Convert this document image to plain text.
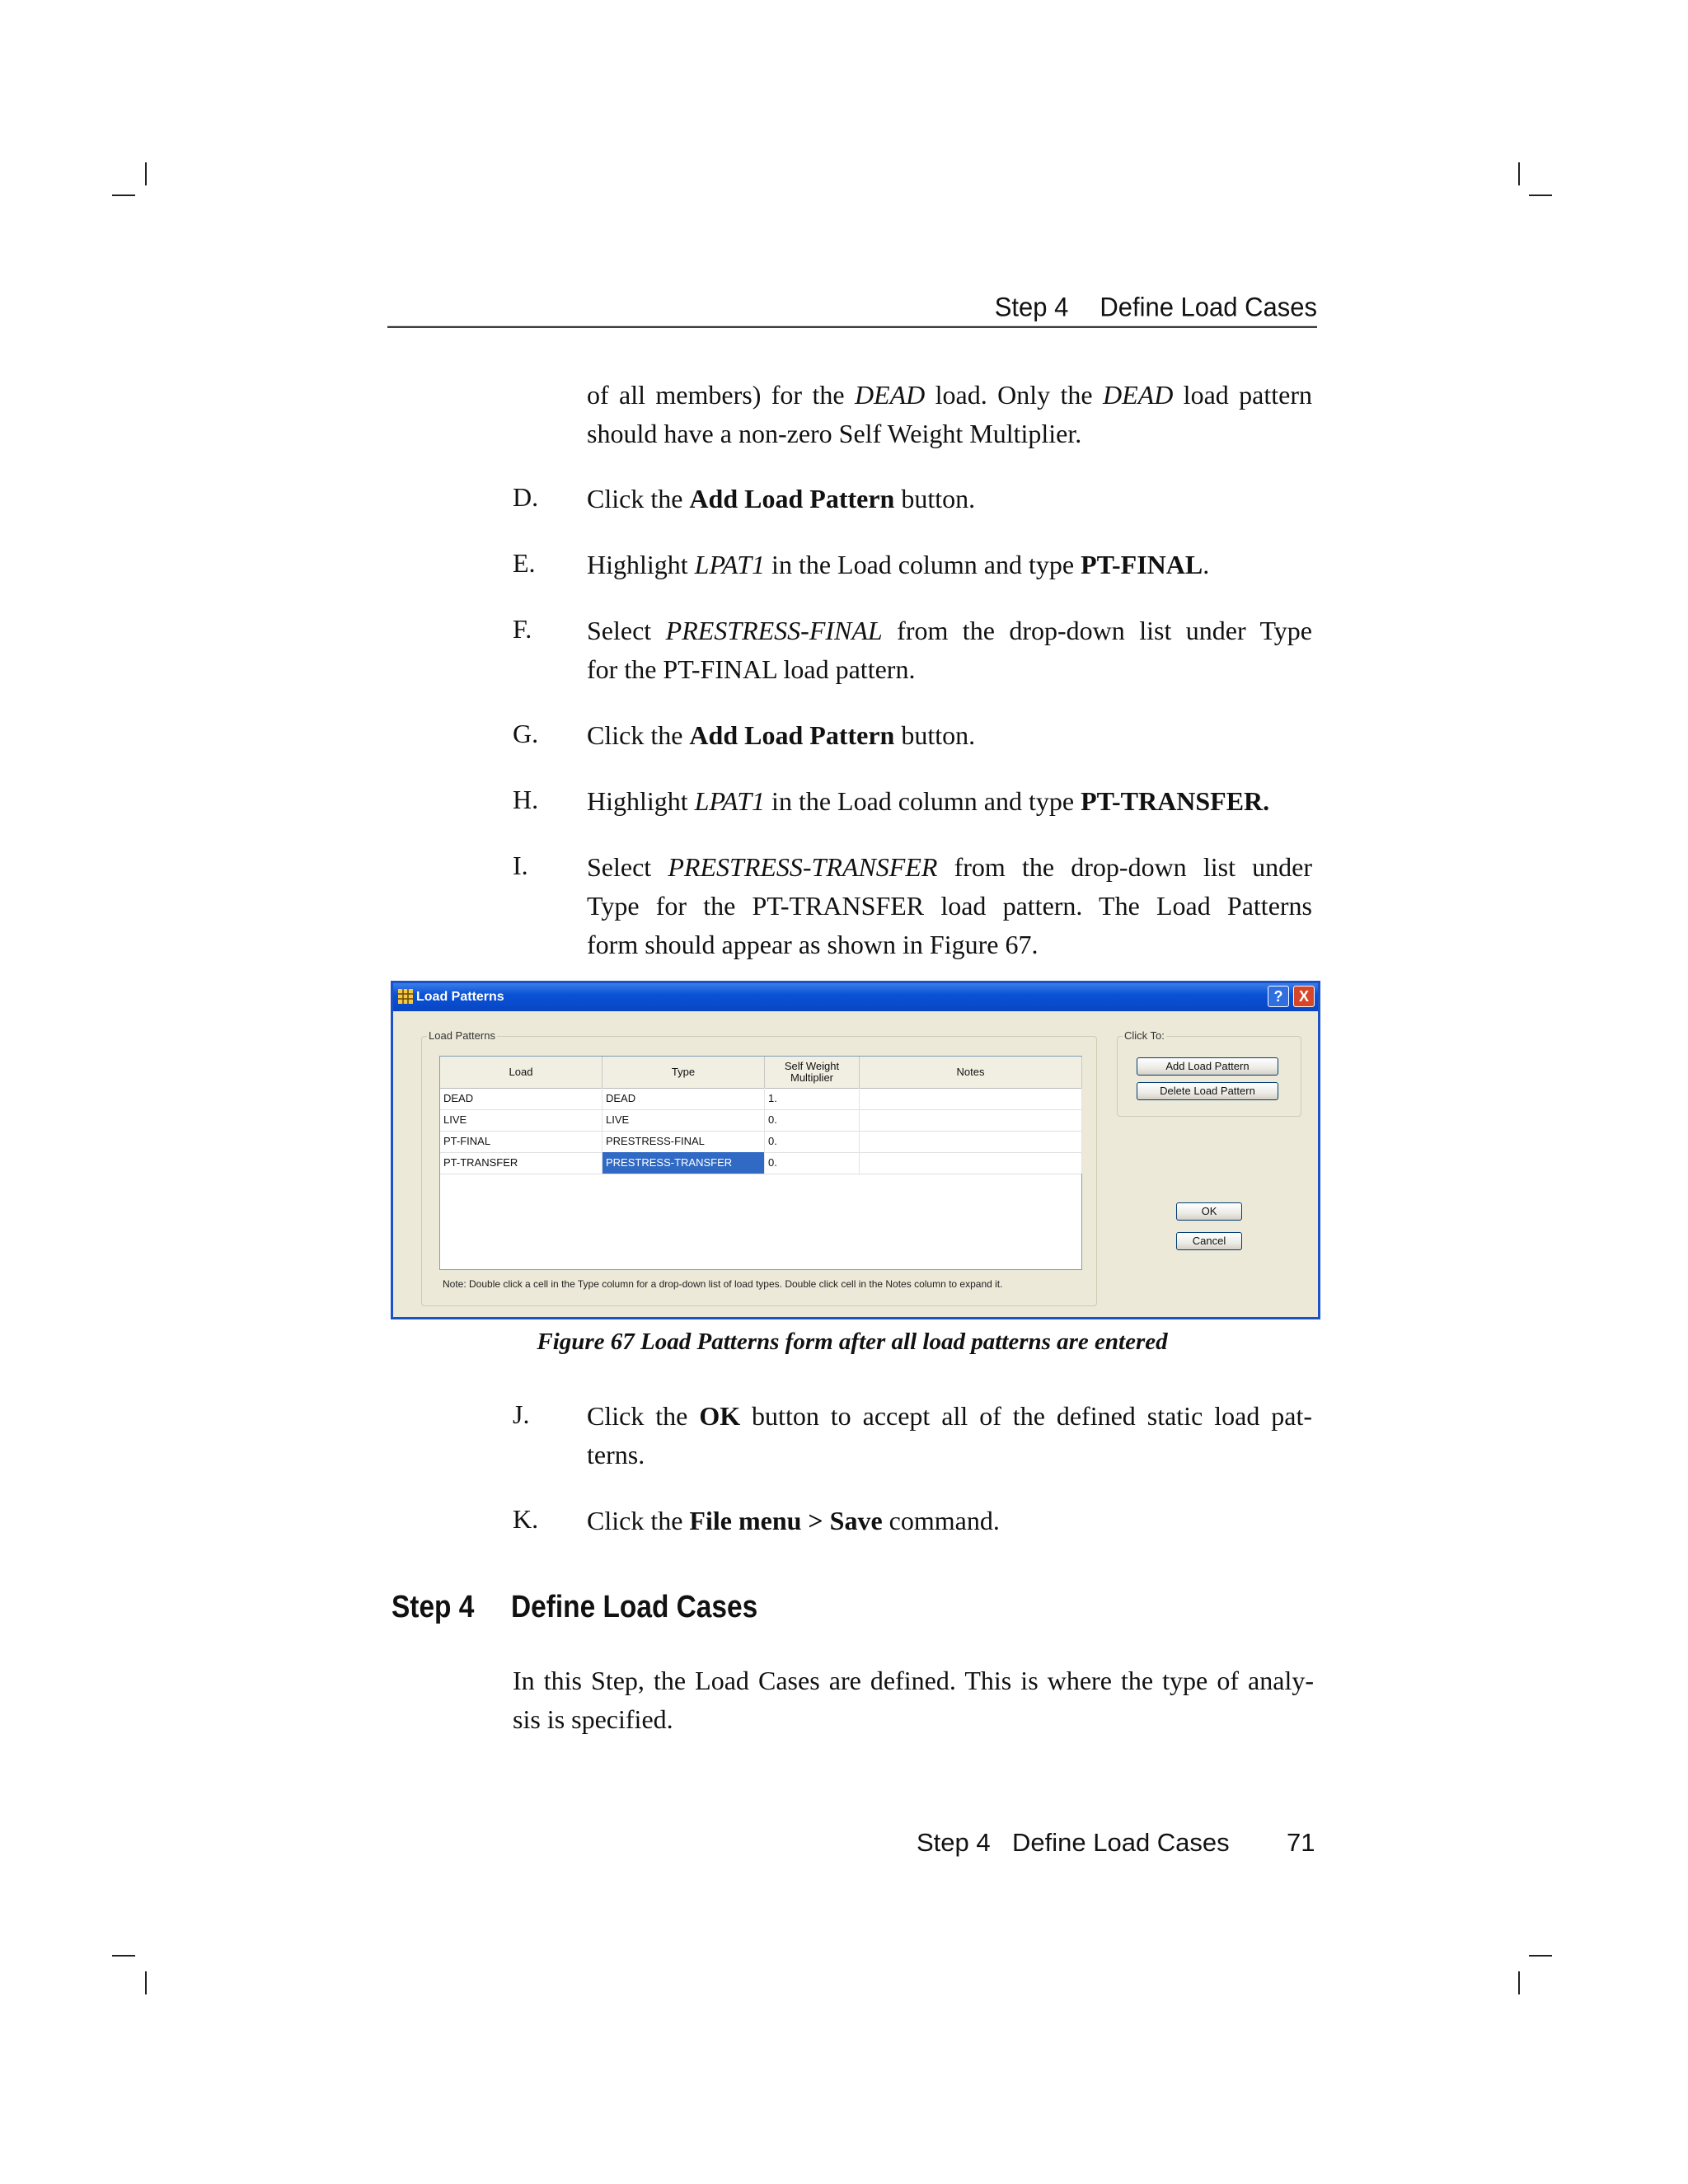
Step 4 Define Load Cases
of all members) for the DEAD load. Only the DEAD load pattern
should have a non-zero Self Weight Multiplier.
D. Click the Add Load Pattern button.
E. Highlight LPAT1 in the Load column and type PT-FINAL.
F. Select PRESTRESS-FINAL from the drop-down list under Type
for the PT-FINAL load pattern.
G. Click the Add Load Pattern button.
H. Highlight LPAT1 in the Load column and type PT-TRANSFER.
I. Select PRESTRESS-TRANSFER from the drop-down list under
Type for the PT-TRANSFER load pattern. The Load Patterns
form should appear as shown in Figure 67.
Load Patterns	?	X
Load Patterns
Load	Type	Self Weight
Multiplier	Notes
DEAD	DEAD	1.
LIVE	LIVE	0.
PT-FINAL	PRESTRESS-FINAL	0.
PT-TRANSFER	PRESTRESS-TRANSFER	0.
Note: Double click a cell in the Type column for a drop-down list of load types. Double click cell in the Notes column to expand it.
Click To:
Add Load Pattern
Delete Load Pattern
OK
Cancel
Figure 67 Load Patterns form after all load patterns are entered
J. Click the OK button to accept all of the defined static load pat-
terns.
K. Click the File menu > Save command.
Step 4 Define Load Cases
In this Step, the Load Cases are defined. This is where the type of analy-
sis is specified.
Step 4 Define Load Cases 71
